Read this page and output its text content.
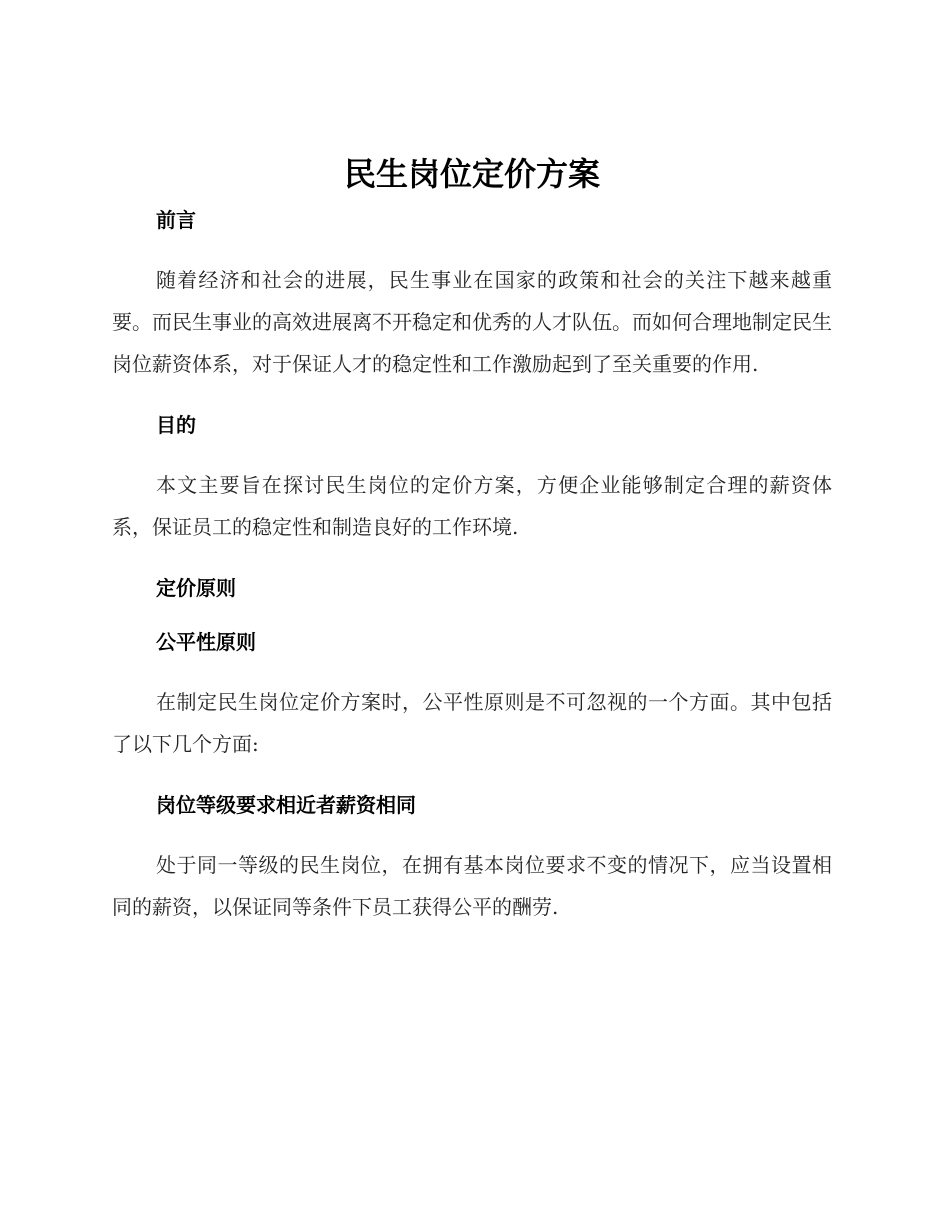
民生岗位定价方案
前言

随着经济和社会的进展，民生事业在国家的政策和社会的关注下越来越重要。而民生事业的高效进展离不开稳定和优秀的人才队伍。而如何合理地制定民生岗位薪资体系，对于保证人才的稳定性和工作激励起到了至关重要的作用.

目的

本文主要旨在探讨民生岗位的定价方案，方便企业能够制定合理的薪资体系，保证员工的稳定性和制造良好的工作环境.

定价原则
公平性原则

在制定民生岗位定价方案时，公平性原则是不可忽视的一个方面。其中包括了以下几个方面:

岗位等级要求相近者薪资相同

处于同一等级的民生岗位，在拥有基本岗位要求不变的情况下，应当设置相同的薪资，以保证同等条件下员工获得公平的酬劳.
